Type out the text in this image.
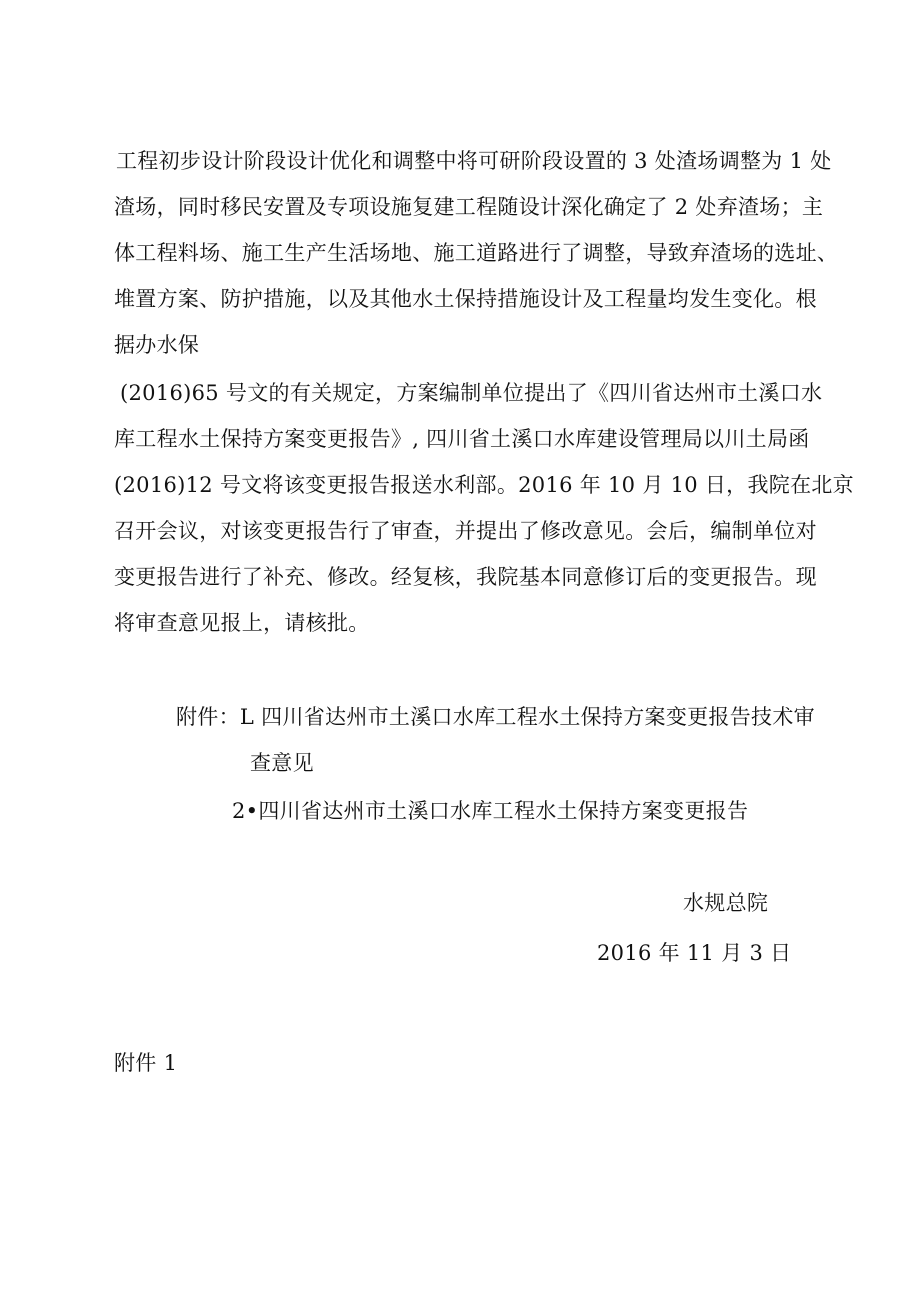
工程初步设计阶段设计优化和调整中将可研阶段设置的 3 处渣场调整为 1 处
渣场，同时移民安置及专项设施复建工程随设计深化确定了 2 处弃渣场；主
体工程料场、施工生产生活场地、施工道路进行了调整，导致弃渣场的选址、
堆置方案、防护措施，以及其他水土保持措施设计及工程量均发生变化。根
据办水保
(2016)65 号文的有关规定，方案编制单位提出了《四川省达州市土溪口水
库工程水土保持方案变更报告》, 四川省土溪口水库建设管理局以川土局函
(2016)12 号文将该变更报告报送水利部。2016 年 10 月 10 日，我院在北京
召开会议，对该变更报告行了审查，并提出了修改意见。会后，编制单位对
变更报告进行了补充、修改。经复核，我院基本同意修订后的变更报告。现
将审查意见报上，请核批。
附件：L 四川省达州市土溪口水库工程水土保持方案变更报告技术审
查意见
2•四川省达州市土溪口水库工程水土保持方案变更报告
水规总院
2016 年 11 月 3 日
附件 1
